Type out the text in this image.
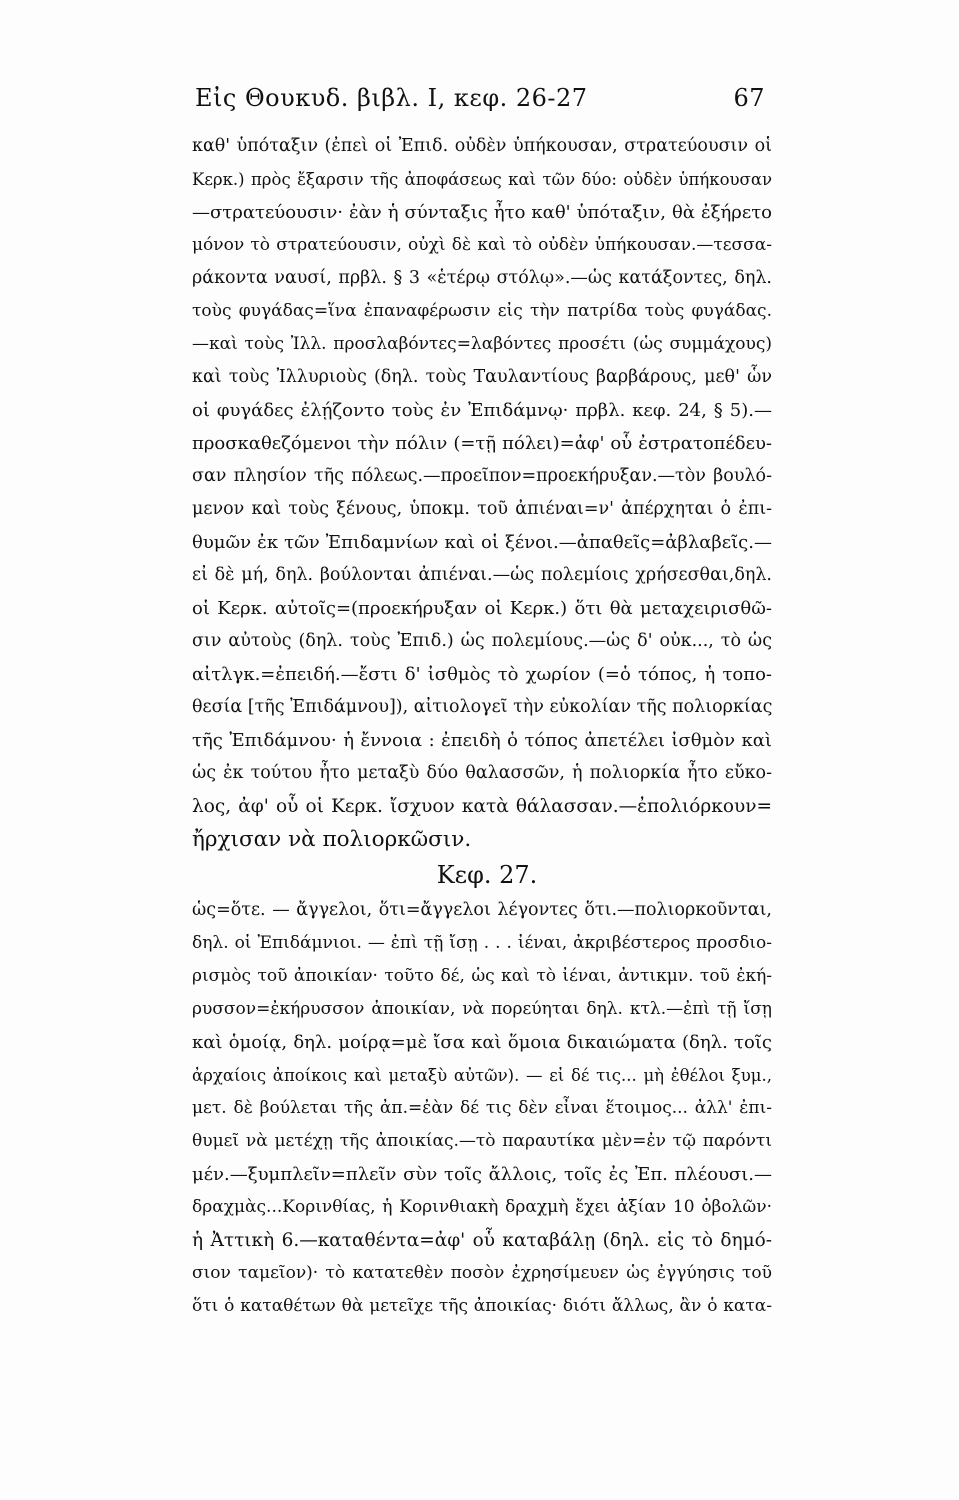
Εἰς Θουκυδ. βιβλ. Ι, κεφ. 26-27	67
καθ' ὑπόταξιν (ἐπεὶ οἱ Ἐπιδ. οὐδὲν ὑπήκουσαν, στρατεύουσιν οἱ
Κερκ.) πρὸς ἔξαρσιν τῆς ἀποφάσεως καὶ τῶν δύο: οὐδὲν ὑπήκουσαν
—στρατεύουσιν· ἐὰν ἡ σύνταξις ἦτο καθ' ὑπόταξιν, θὰ ἐξήρετο
μόνον τὸ στρατεύουσιν, οὐχὶ δὲ καὶ τὸ οὐδὲν ὑπήκουσαν.—τεσσα-
ράκοντα ναυσί, πρβλ. § 3 «ἑτέρῳ στόλῳ».—ὡς κατάξοντες, δηλ.
τοὺς φυγάδας=ἵνα ἐπαναφέρωσιν εἰς τὴν πατρίδα τοὺς φυγάδας.
—καὶ τοὺς Ἰλλ. προσλαβόντες=λαβόντες προσέτι (ὡς συμμάχους)
καὶ τοὺς Ἰλλυριοὺς (δηλ. τοὺς Ταυλαντίους βαρβάρους, μεθ' ὧν
οἱ φυγάδες ἐλῄζοντο τοὺς ἐν Ἐπιδάμνῳ· πρβλ. κεφ. 24, § 5).—
προσκαθεζόμενοι τὴν πόλιν (=τῇ πόλει)=ἀφ' οὗ ἐστρατοπέδευ-
σαν πλησίον τῆς πόλεως.—προεῖπον=προεκήρυξαν.—τὸν βουλό-
μενον καὶ τοὺς ξένους, ὑποκμ. τοῦ ἀπιέναι=ν' ἀπέρχηται ὁ ἐπι-
θυμῶν ἐκ τῶν Ἐπιδαμνίων καὶ οἱ ξένοι.—ἀπαθεῖς=ἀβλαβεῖς.—
εἰ δὲ μή, δηλ. βούλονται ἀπιέναι.—ὡς πολεμίοις χρήσεσθαι,δηλ.
οἱ Κερκ. αὐτοῖς=(προεκήρυξαν οἱ Κερκ.) ὅτι θὰ μεταχειρισθῶ-
σιν αὐτοὺς (δηλ. τοὺς Ἐπιδ.) ὡς πολεμίους.—ὡς δ' οὐκ..., τὸ ὡς
αἰτλγκ.=ἐπειδή.—ἔστι δ' ἰσθμὸς τὸ χωρίον (=ὁ τόπος, ἡ τοπο-
θεσία [τῆς Ἐπιδάμνου]), αἰτιολογεῖ τὴν εὐκολίαν τῆς πολιορκίας
τῆς Ἐπιδάμνου· ἡ ἔννοια : ἐπειδὴ ὁ τόπος ἀπετέλει ἰσθμὸν καὶ
ὡς ἐκ τούτου ἦτο μεταξὺ δύο θαλασσῶν, ἡ πολιορκία ἦτο εὔκο-
λος, ἀφ' οὗ οἱ Κερκ. ἴσχυον κατὰ θάλασσαν.—ἐπολιόρκουν=
ἤρχισαν νὰ πολιορκῶσιν.
Κεφ. 27.
ὡς=ὅτε. — ἄγγελοι, ὅτι=ἄγγελοι λέγοντες ὅτι.—πολιορκοῦνται,
δηλ. οἱ Ἐπιδάμνιοι. — ἐπὶ τῇ ἴσῃ . . . ἰέναι, ἀκριβέστερος προσδιο-
ρισμὸς τοῦ ἀποικίαν· τοῦτο δέ, ὡς καὶ τὸ ἰέναι, ἀντικμν. τοῦ ἐκή-
ρυσσον=ἐκήρυσσον ἀποικίαν, νὰ πορεύηται δηλ. κτλ.—ἐπὶ τῇ ἴσῃ
καὶ ὁμοίᾳ, δηλ. μοίρᾳ=μὲ ἴσα καὶ ὅμοια δικαιώματα (δηλ. τοῖς
ἀρχαίοις ἀποίκοις καὶ μεταξὺ αὐτῶν). — εἰ δέ τις... μὴ ἐθέλοι ξυμ.,
μετ. δὲ βούλεται τῆς ἀπ.=ἐὰν δέ τις δὲν εἶναι ἕτοιμος... ἀλλ' ἐπι-
θυμεῖ νὰ μετέχῃ τῆς ἀποικίας.—τὸ παραυτίκα μὲν=ἐν τῷ παρόντι
μέν.—ξυμπλεῖν=πλεῖν σὺν τοῖς ἄλλοις, τοῖς ἐς Ἐπ. πλέουσι.—
δραχμὰς...Κορινθίας, ἡ Κορινθιακὴ δραχμὴ ἔχει ἀξίαν 10 ὀβολῶν·
ἡ Ἀττικὴ 6.—καταθέντα=ἀφ' οὗ καταβάλῃ (δηλ. εἰς τὸ δημό-
σιον ταμεῖον)· τὸ κατατεθὲν ποσὸν ἐχρησίμευεν ὡς ἐγγύησις τοῦ
ὅτι ὁ καταθέτων θὰ μετεῖχε τῆς ἀποικίας· διότι ἄλλως, ἂν ὁ κατα-
